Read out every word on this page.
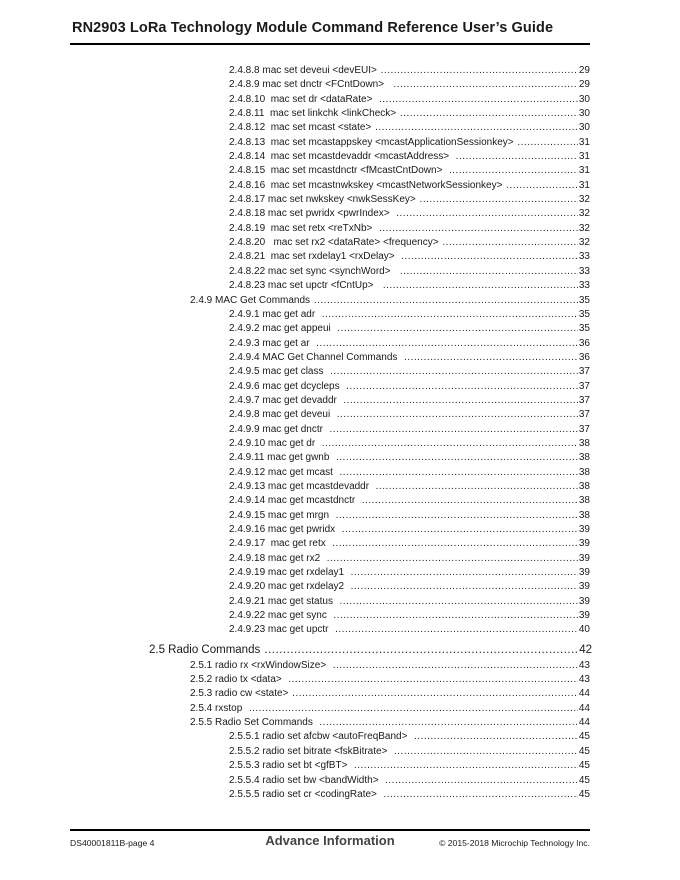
RN2903 LoRa Technology Module Command Reference User’s Guide
2.4.8.8 mac set deveui <devEUI> .....	29
2.4.8.9 mac set dnctr <FCntDown> .....	29
2.4.8.10  mac set dr <dataRate> .....	30
2.4.8.11  mac set linkchk <linkCheck> .....	30
2.4.8.12  mac set mcast <state> .....	30
2.4.8.13  mac set mcastappskey <mcastApplicationSessionkey> .....	31
2.4.8.14  mac set mcastdevaddr <mcastAddress> .....	31
2.4.8.15  mac set mcastdnctr <fMcastCntDown> .....	31
2.4.8.16  mac set mcastnwkskey <mcastNetworkSessionkey> .....	31
2.4.8.17 mac set nwkskey <nwkSessKey> .....	32
2.4.8.18 mac set pwridx <pwrIndex> .....	32
2.4.8.19  mac set retx <reTxNb> .....	32
2.4.8.20   mac set rx2 <dataRate> <frequency> .....	32
2.4.8.21  mac set rxdelay1 <rxDelay> .....	33
2.4.8.22 mac set sync <synchWord> .....	33
2.4.8.23 mac set upctr <fCntUp> .....	33
2.4.9 MAC Get Commands .....	35
2.4.9.1 mac get adr .....	35
2.4.9.2 mac get appeui .....	35
2.4.9.3 mac get ar .....	36
2.4.9.4 MAC Get Channel Commands .....	36
2.4.9.5 mac get class .....	37
2.4.9.6 mac get dcycleps .....	37
2.4.9.7 mac get devaddr .....	37
2.4.9.8 mac get deveui .....	37
2.4.9.9 mac get dnctr .....	37
2.4.9.10 mac get dr .....	38
2.4.9.11 mac get gwnb .....	38
2.4.9.12 mac get mcast .....	38
2.4.9.13 mac get mcastdevaddr .....	38
2.4.9.14 mac get mcastdnctr .....	38
2.4.9.15 mac get mrgn .....	38
2.4.9.16 mac get pwridx .....	39
2.4.9.17  mac get retx .....	39
2.4.9.18 mac get rx2 .....	39
2.4.9.19 mac get rxdelay1 .....	39
2.4.9.20 mac get rxdelay2 .....	39
2.4.9.21 mac get status .....	39
2.4.9.22 mac get sync .....	39
2.4.9.23 mac get upctr .....	40
2.5 Radio Commands .....	42
2.5.1 radio rx <rxWindowSize> .....	43
2.5.2 radio tx <data> .....	43
2.5.3 radio cw <state> .....	44
2.5.4 rxstop .....	44
2.5.5 Radio Set Commands .....	44
2.5.5.1 radio set afcbw <autoFreqBand> .....	45
2.5.5.2 radio set bitrate <fskBitrate> .....	45
2.5.5.3 radio set bt <gfBT> .....	45
2.5.5.4 radio set bw <bandWidth> .....	45
2.5.5.5 radio set cr <codingRate> .....	45
DS40001811B-page 4	Advance Information	© 2015-2018 Microchip Technology Inc.
